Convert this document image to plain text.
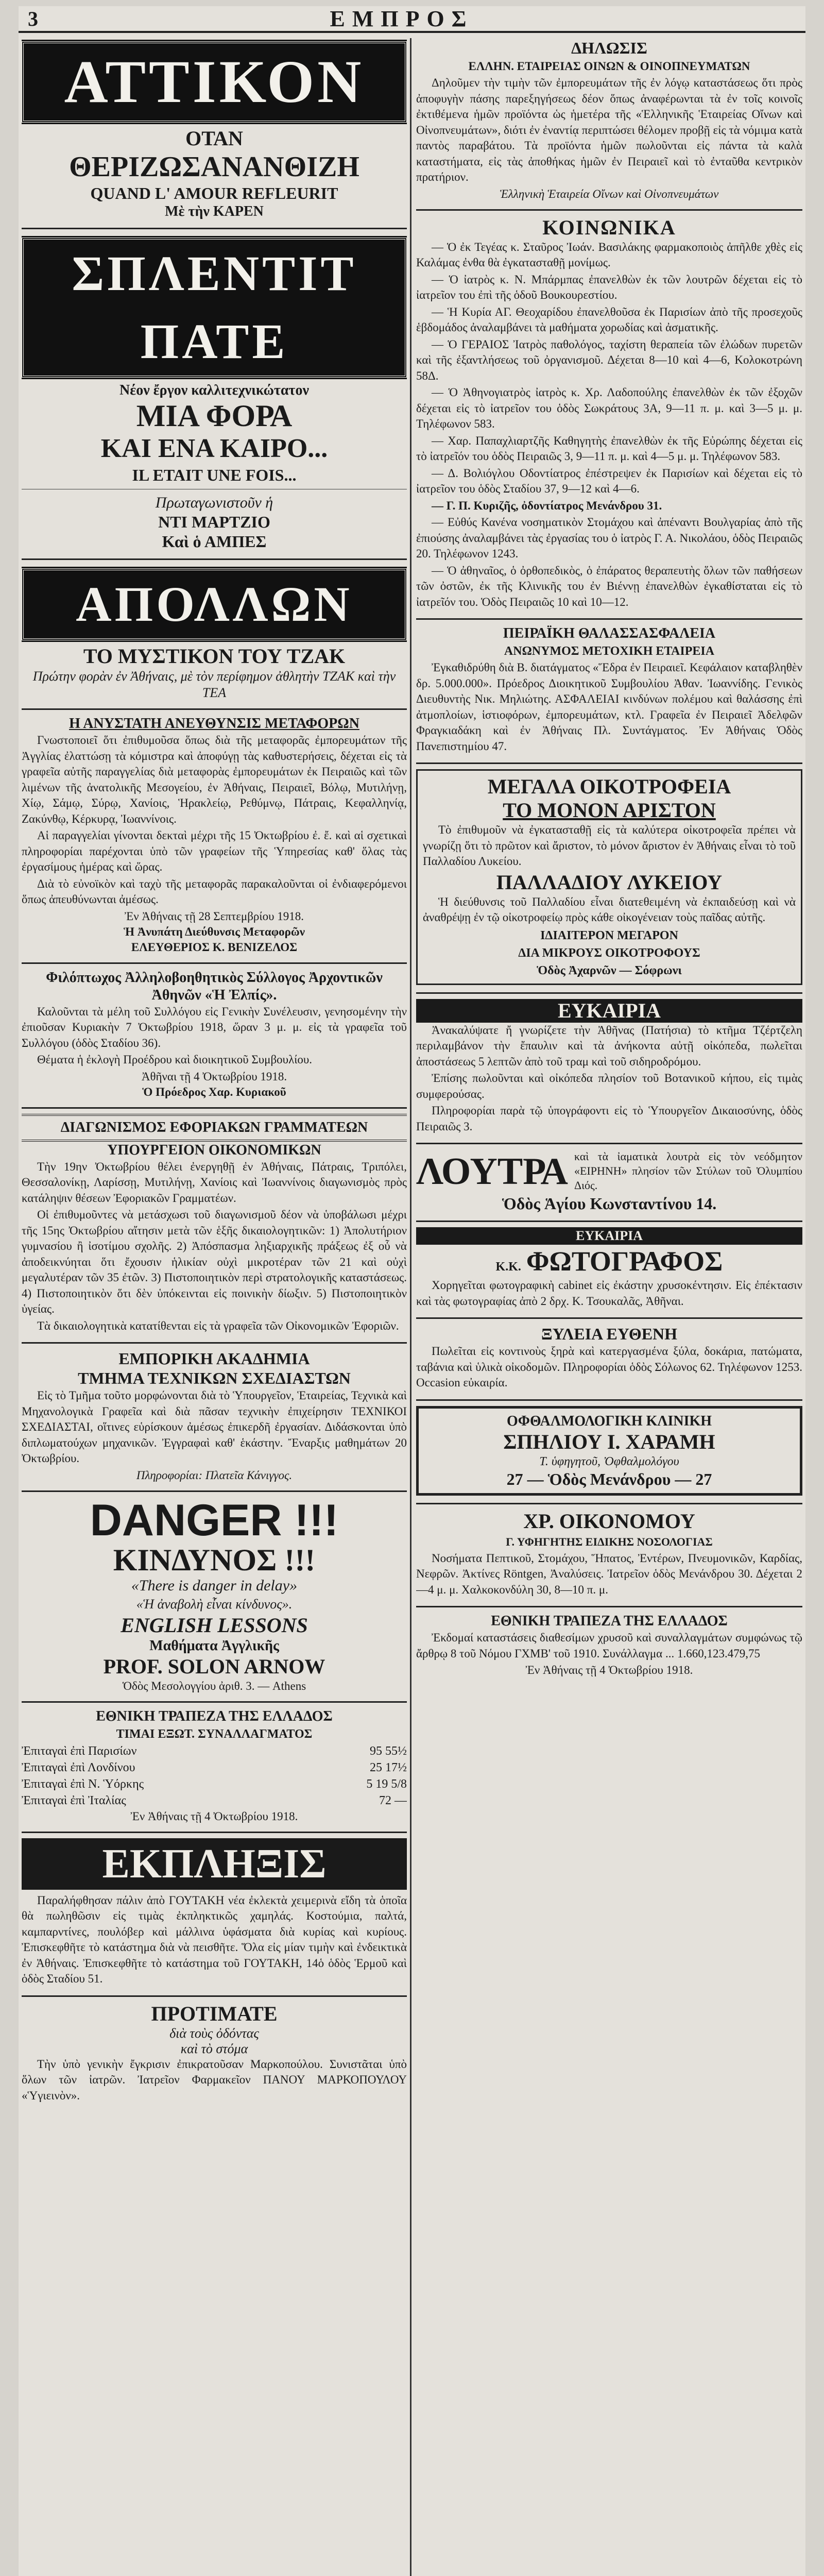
3	ΕΜΠΡΟΣ
ΑΤΤΙΚΟΝ
ΟΤΑΝ
ΘΕΡΙΖΩΣΑΝΑΝΘΙΖΗ
QUAND L' AMOUR REFLEURIT
Μὲ τὴν ΚΑΡΕΝ
ΣΠΛΕΝΤΙΤ ΠΑΤΕ
Νέον ἔργον καλλιτεχνικώτατον
ΜΙΑ ΦΟΡΑ
ΚΑΙ ΕΝΑ ΚΑΙΡΟ...
IL ETAIT UNE FOIS...
Πρωταγωνιστοῦν ἡ
ΝΤΙ ΜΑΡΤΖΙΟ
Καὶ ὁ ΑΜΠΕΣ
ΑΠΟΛΛΩΝ
ΤΟ ΜΥΣΤΙΚΟΝ ΤΟΥ ΤΖΑΚ
Πρώτην φορὰν ἐν Ἀθήναις, μὲ τὸν περίφημον ἀθλητὴν ΤΖΑΚ καὶ τὴν ΤΕΑ
Η ΑΝΥΣΤΑΤΗ ΑΝΕΥΘΥΝΣΙΣ ΜΕΤΑΦΟΡΩΝ

Γνωστοποιεῖ ὅτι ἐπιθυμοῦσα ὅπως διὰ τῆς μεταφορᾶς ἐμπορευμάτων τῆς Ἀγγλίας ἐλαττώσῃ τὰ κόμιστρα καὶ ἀποφύγῃ τὰς καθυστερήσεις, δέχεται εἰς τὰ γραφεῖα αὐτῆς παραγγελίας διὰ μεταφορὰς ἐμπορευμάτων ἐκ Πειραιῶς καὶ τῶν λιμένων τῆς ἀνατολικῆς Μεσογείου, ἐν Ἀθήναις, Πειραιεῖ, Βόλῳ, Μυτιλήνῃ, Χίῳ, Σάμῳ, Σύρῳ, Χανίοις, Ἡρακλείῳ, Ρεθύμνῳ, Πάτραις, Κεφαλληνίᾳ, Ζακύνθῳ, Κέρκυρᾳ, Ἰωαννίνοις.

Αἱ παραγγελίαι γίνονται δεκταὶ μέχρι τῆς 15 Ὀκτωβρίου ἐ. ἔ. καὶ αἱ σχετικαὶ πληροφορίαι παρέχονται ὑπὸ τῶν γραφείων τῆς Ὑπηρεσίας καθ' ὅλας τὰς ἐργασίμους ἡμέρας καὶ ὥρας.

Διὰ τὸ εὐνοϊκὸν καὶ ταχὺ τῆς μεταφορᾶς παρακαλοῦνται οἱ ἐνδιαφερόμενοι ὅπως ἀπευθύνωνται ἀμέσως.

Ἐν Ἀθήναις τῇ 28 Σεπτεμβρίου 1918.
Ἡ Ἀνυπάτη Διεύθυνσις Μεταφορῶν
ΕΛΕΥΘΕΡΙΟΣ Κ. ΒΕΝΙΖΕΛΟΣ
Φιλόπτωχος Ἀλληλοβοηθητικὸς Σύλλογος Ἀρχοντικῶν Ἀθηνῶν «Ἡ Ἐλπίς».

Καλοῦνται τὰ μέλη τοῦ Συλλόγου εἰς Γενικὴν Συνέλευσιν, γενησομένην τὴν ἐπιοῦσαν Κυριακὴν 7 Ὀκτωβρίου 1918, ὥραν 3 μ. μ. εἰς τὰ γραφεῖα τοῦ Συλλόγου (ὁδὸς Σταδίου 36).

Θέματα ἡ ἐκλογὴ Προέδρου καὶ διοικητικοῦ Συμβουλίου.

Ἀθῆναι τῇ 4 Ὀκτωβρίου 1918.
Ὁ Πρόεδρος Χαρ. Κυριακοῦ
ΔΙΑΓΩΝΙΣΜΟΣ ΕΦΟΡΙΑΚΩΝ ΓΡΑΜΜΑΤΕΩΝ
ΥΠΟΥΡΓΕΙΟΝ ΟΙΚΟΝΟΜΙΚΩΝ

Τὴν 19ην Ὀκτωβρίου θέλει ἐνεργηθῇ ἐν Ἀθήναις, Πάτραις, Τριπόλει, Θεσσαλονίκῃ, Λαρίσσῃ, Μυτιλήνῃ, Χανίοις καὶ Ἰωαννίνοις διαγωνισμὸς πρὸς κατάληψιν θέσεων Ἐφοριακῶν Γραμματέων.

Οἱ ἐπιθυμοῦντες νὰ μετάσχωσι τοῦ διαγωνισμοῦ δέον νὰ ὑποβάλωσι μέχρι τῆς 15ης Ὀκτωβρίου αἴτησιν μετὰ τῶν ἑξῆς δικαιολογητικῶν: 1) Ἀπολυτήριον γυμνασίου ἢ ἰσοτίμου σχολῆς. 2) Ἀπόσπασμα ληξιαρχικῆς πράξεως ἐξ οὗ νὰ ἀποδεικνύηται ὅτι ἔχουσιν ἡλικίαν οὐχὶ μικροτέραν τῶν 21 καὶ οὐχὶ μεγαλυτέραν τῶν 35 ἐτῶν. 3) Πιστοποιητικὸν περὶ στρατολογικῆς καταστάσεως. 4) Πιστοποιητικὸν ὅτι δὲν ὑπόκεινται εἰς ποινικὴν δίωξιν. 5) Πιστοποιητικὸν ὑγείας.

Τὰ δικαιολογητικὰ κατατίθενται εἰς τὰ γραφεῖα τῶν Οἰκονομικῶν Ἐφοριῶν.

ΕΜΠΟΡΙΚΗ ΑΚΑΔΗΜΙΑ
ΤΜΗΜΑ ΤΕΧΝΙΚΩΝ ΣΧΕΔΙΑΣΤΩΝ

Εἰς τὸ Τμῆμα τοῦτο μορφώνονται διὰ τὸ Ὑπουργεῖον, Ἑταιρείας, Τεχνικὰ καὶ Μηχανολογικὰ Γραφεῖα καὶ διὰ πᾶσαν τεχνικὴν ἐπιχείρησιν ΤΕΧΝΙΚΟΙ ΣΧΕΔΙΑΣΤΑΙ, οἵτινες εὑρίσκουν ἀμέσως ἐπικερδῆ ἐργασίαν. Διδάσκονται ὑπὸ διπλωματούχων μηχανικῶν. Ἐγγραφαὶ καθ' ἑκάστην. Ἔναρξις μαθημάτων 20 Ὀκτωβρίου.

Πληροφορίαι: Πλατεῖα Κάνιγγος.
DANGER !!!
ΚΙΝΔΥΝΟΣ !!!
«There is danger in delay»
«Ἡ ἀναβολὴ εἶναι κίνδυνος».
ENGLISH LESSONS
Μαθήματα Ἀγγλικῆς
PROF. SOLON ARNOW
Ὁδὸς Μεσολογγίου ἀριθ. 3. — Athens
ΕΘΝΙΚΗ ΤΡΑΠΕΖΑ ΤΗΣ ΕΛΛΑΔΟΣ
ΤΙΜΑΙ ΕΞΩΤ. ΣΥΝΑΛΛΑΓΜΑΤΟΣ
Ἐπιταγαὶ ἐπὶ Παρισίων	95 55½
Ἐπιταγαὶ ἐπὶ Λονδίνου	25 17½
Ἐπιταγαὶ ἐπὶ Ν. Ὑόρκης	5 19 5/8
Ἐπιταγαὶ ἐπὶ Ἰταλίας	72 —
Ἐν Ἀθήναις τῇ 4 Ὀκτωβρίου 1918.
ΕΚΠΛΗΞΙΣ

Παραλήφθησαν πάλιν ἀπὸ ΓΟΥΤΑΚΗ νέα ἐκλεκτὰ χειμερινὰ εἴδη τὰ ὁποῖα θὰ πωληθῶσιν εἰς τιμὰς ἐκπληκτικῶς χαμηλάς. Κοστούμια, παλτά, καμπαρντίνες, πουλόβερ καὶ μάλλινα ὑφάσματα διὰ κυρίας καὶ κυρίους. Ἐπισκεφθῆτε τὸ κατάστημα διὰ νὰ πεισθῆτε. Ὅλα εἰς μίαν τιμὴν καὶ ἐνδεικτικὰ ἐν Ἀθήναις. Ἐπισκεφθῆτε τὸ κατάστημα τοῦ ΓΟΥΤΑΚΗ, 14ὁ ὁδὸς Ἑρμοῦ καὶ ὁδὸς Σταδίου 51.

ΠΡΟΤΙΜΑΤΕ
διὰ τοὺς ὀδόντας
καὶ τὸ στόμα

Τὴν ὑπὸ γενικὴν ἔγκρισιν ἐπικρατοῦσαν Μαρκοπούλου. Συνιστᾶται ὑπὸ ὅλων τῶν ἰατρῶν. Ἰατρεῖον Φαρμακεῖον ΠΑΝΟΥ ΜΑΡΚΟΠΟΥΛΟΥ «Ὑγιεινὸν».

ΔΗΛΩΣΙΣ
ΕΛΛΗΝ. ΕΤΑΙΡΕΙΑΣ ΟΙΝΩΝ & ΟΙΝΟΠΝΕΥΜΑΤΩΝ

Δηλοῦμεν τὴν τιμὴν τῶν ἐμπορευμάτων τῆς ἐν λόγῳ καταστάσεως ὅτι πρὸς ἀποφυγὴν πάσης παρεξηγήσεως δέον ὅπως ἀναφέρωνται τὰ ἐν τοῖς κοινοῖς ἐκτιθέμενα ἡμῶν προϊόντα ὡς ἡμετέρα τῆς «Ἑλληνικῆς Ἑταιρείας Οἴνων καὶ Οἰνοπνευμάτων», διότι ἐν ἐναντίᾳ περιπτώσει θέλομεν προβῇ εἰς τὰ νόμιμα κατὰ παντὸς παραβάτου. Τὰ προϊόντα ἡμῶν πωλοῦνται εἰς πάντα τὰ καλὰ καταστήματα, εἰς τὰς ἀποθήκας ἡμῶν ἐν Πειραιεῖ καὶ τὸ ἐνταῦθα κεντρικὸν πρατήριον.

Ἑλληνικὴ Ἑταιρεία Οἴνων καὶ Οἰνοπνευμάτων
ΚΟΙΝΩΝΙΚΑ

— Ὁ ἐκ Τεγέας κ. Σταῦρος Ἰωάν. Βασιλάκης φαρμακοποιὸς ἀπῆλθε χθὲς εἰς Καλάμας ἐνθα θὰ ἐγκατασταθῇ μονίμως.

— Ὁ ἰατρὸς κ. Ν. Μπάρμπας ἐπανελθὼν ἐκ τῶν λουτρῶν δέχεται εἰς τὸ ἰατρεῖον του ἐπὶ τῆς ὁδοῦ Βουκουρεστίου.

— Ἡ Κυρία ΑΓ. Θεοχαρίδου ἐπανελθοῦσα ἐκ Παρισίων ἀπὸ τῆς προσεχοῦς ἑβδομάδος ἀναλαμβάνει τὰ μαθήματα χορωδίας καὶ ἀσματικῆς.

— Ὁ ΓΕΡΑΙΟΣ Ἰατρὸς παθολόγος, ταχίστη θεραπεία τῶν ἐλώδων πυρετῶν καὶ τῆς ἐξαντλήσεως τοῦ ὀργανισμοῦ. Δέχεται 8—10 καὶ 4—6, Κολοκοτρώνη 58Δ.

— Ὁ Ἀθηνογιατρὸς ἰατρὸς κ. Χρ. Λαδοπούλης ἐπανελθὼν ἐκ τῶν ἐξοχῶν δέχεται εἰς τὸ ἰατρεῖον του ὁδὸς Σωκράτους 3Α, 9—11 π. μ. καὶ 3—5 μ. μ. Τηλέφωνον 583.

— Χαρ. Παπαχλιαρτζῆς Καθηγητὴς ἐπανελθὼν ἐκ τῆς Εὐρώπης δέχεται εἰς τὸ ἰατρεῖόν του ὁδὸς Πειραιῶς 3, 9—11 π. μ. καὶ 4—5 μ. μ. Τηλέφωνον 583.

— Δ. Βολιόγλου Οδοντίατρος ἐπέστρεψεν ἐκ Παρισίων καὶ δέχεται εἰς τὸ ἰατρεῖον του ὁδὸς Σταδίου 37, 9—12 καὶ 4—6.

— Γ. Π. Κυριζῆς, ὀδοντίατρος Μενάνδρου 31.

— Εὐθύς Κανένα νοσηματικὸν Στομάχου καὶ ἀπέναντι Βουλγαρίας ἀπὸ τῆς ἐπιούσης ἀναλαμβάνει τὰς ἐργασίας του ὁ ἰατρὸς Γ. Α. Νικολάου, ὁδὸς Πειραιῶς 20. Τηλέφωνον 1243.

— Ὁ ἀθηναῖος, ὁ ὀρθοπεδικὸς, ὁ ἐπάρατος θεραπευτὴς ὅλων τῶν παθήσεων τῶν ὀστῶν, ἐκ τῆς Κλινικῆς του ἐν Βιέννῃ ἐπανελθὼν ἐγκαθίσταται εἰς τὸ ἰατρεῖόν του. Ὁδὸς Πειραιῶς 10 καὶ 10—12.

ΠΕΙΡΑΪΚΗ ΘΑΛΑΣΣΑΣΦΑΛΕΙΑ
ΑΝΩΝΥΜΟΣ ΜΕΤΟΧΙΚΗ ΕΤΑΙΡΕΙΑ

Ἐγκαθιδρύθη διὰ Β. διατάγματος «Ἕδρα ἐν Πειραιεῖ. Κεφάλαιον καταβληθὲν δρ. 5.000.000». Πρόεδρος Διοικητικοῦ Συμβουλίου Ἀθαν. Ἰωαννίδης. Γενικὸς Διευθυντὴς Νικ. Μηλιώτης. ΑΣΦΑΛΕΙΑΙ κινδύνων πολέμου καὶ θαλάσσης ἐπὶ ἀτμοπλοίων, ἱστιοφόρων, ἐμπορευμάτων, κτλ. Γραφεῖα ἐν Πειραιεῖ Ἀδελφῶν Φραγκιαδάκη καὶ ἐν Ἀθήναις Πλ. Συντάγματος. Ἐν Ἀθήναις Ὁδὸς Πανεπιστημίου 47.

ΜΕΓΑΛΑ ΟΙΚΟΤΡΟΦΕΙΑ
ΤΟ ΜΟΝΟΝ ΑΡΙΣΤΟΝ

Τὸ ἐπιθυμοῦν νὰ ἐγκατασταθῇ εἰς τὰ καλύτερα οἰκοτροφεῖα πρέπει νὰ γνωρίζῃ ὅτι τὸ πρῶτον καὶ ἄριστον, τὸ μόνον ἄριστον ἐν Ἀθήναις εἶναι τὸ τοῦ Παλλαδίου Λυκείου.

ΠΑΛΛΑΔΙΟΥ ΛΥΚΕΙΟΥ

Ἡ διεύθυνσις τοῦ Παλλαδίου εἶναι διατεθειμένη νὰ ἐκπαιδεύσῃ καὶ νὰ ἀναθρέψῃ ἐν τῷ οἰκοτροφείῳ πρὸς κάθε οἰκογένειαν τοὺς παῖδας αὐτῆς.

ΙΔΙΑΙΤΕΡΟΝ ΜΕΓΑΡΟΝ
ΔΙΑ ΜΙΚΡΟΥΣ ΟΙΚΟΤΡΟΦΟΥΣ
Ὁδὸς Ἀχαρνῶν — Σόφρωνι
ΕΥΚΑΙΡΙΑ

Ἀνακαλύψατε ἤ γνωρίζετε τὴν Ἀθῆνας (Πατήσια) τὸ κτῆμα Τζέρτζελη περιλαμβάνον τὴν ἔπαυλιν καὶ τὰ ἀνήκοντα αὐτῇ οἰκόπεδα, πωλεῖται ἀποστάσεως 5 λεπτῶν ἀπὸ τοῦ τραμ καὶ τοῦ σιδηροδρόμου.

Ἐπίσης πωλοῦνται καὶ οἰκόπεδα πλησίον τοῦ Βοτανικοῦ κήπου, εἰς τιμὰς συμφερούσας.

Πληροφορίαι παρὰ τῷ ὑπογράφοντι εἰς τὸ Ὑπουργεῖον Δικαιοσύνης, ὁδὸς Πειραιῶς 3.

ΛΟΥΤΡΑ καὶ τὰ ἰαματικὰ λουτρὰ εἰς τὸν νεόδμητον «ΕΙΡΗΝΗ» πλησίον τῶν Στύλων τοῦ Ὀλυμπίου Διός.

Ὁδὸς Ἁγίου Κωνσταντίνου 14.
ΕΥΚΑΙΡΙΑ
Κ.Κ. ΦΩΤΟΓΡΑΦΟΣ

Χορηγεῖται φωτογραφικὴ cabinet εἰς ἐκάστην χρυσοκέντησιν. Εἰς ἐπέκτασιν καὶ τὰς φωτογραφίας ἀπὸ 2 δρχ. Κ. Τσουκαλᾶς, Ἀθῆναι.

ΞΥΛΕΙΑ ΕΥΘΕΝΗ

Πωλεῖται εἰς κοντινοὺς ξηρὰ καὶ κατεργασμένα ξύλα, δοκάρια, πατώματα, ταβάνια καὶ ὑλικὰ οἰκοδομῶν. Πληροφορίαι ὁδὸς Σόλωνος 62. Τηλέφωνον 1253. Occasion εὐκαιρία.

ΟΦΘΑΛΜΟΛΟΓΙΚΗ ΚΛΙΝΙΚΗ
ΣΠΗΛΙΟΥ Ι. ΧΑΡΑΜΗ
Τ. ὑφηγητοῦ, Ὀφθαλμολόγου
27 — Ὁδὸς Μενάνδρου — 27
ΧΡ. ΟΙΚΟΝΟΜΟΥ
Γ. ΥΦΗΓΗΤΗΣ ΕΙΔΙΚΗΣ ΝΟΣΟΛΟΓΙΑΣ

Νοσήματα Πεπτικοῦ, Στομάχου, Ἥπατος, Ἐντέρων, Πνευμονικῶν, Καρδίας, Νεφρῶν. Ἀκτίνες Röntgen, Ἀναλύσεις. Ἰατρεῖον ὁδὸς Μενάνδρου 30. Δέχεται 2—4 μ. μ. Χαλκοκονδύλη 30, 8—10 π. μ.

ΕΘΝΙΚΗ ΤΡΑΠΕΖΑ ΤΗΣ ΕΛΛΑΔΟΣ

Ἐκδομαί καταστάσεις διαθεσίμων χρυσοῦ καὶ συναλλαγμάτων συμφώνως τῷ ἄρθρῳ 8 τοῦ Νόμου ΓΧΜΒ' τοῦ 1910. Συνάλλαγμα ... 1.660,123.479,75

Ἐν Ἀθήναις τῇ 4 Ὀκτωβρίου 1918.
